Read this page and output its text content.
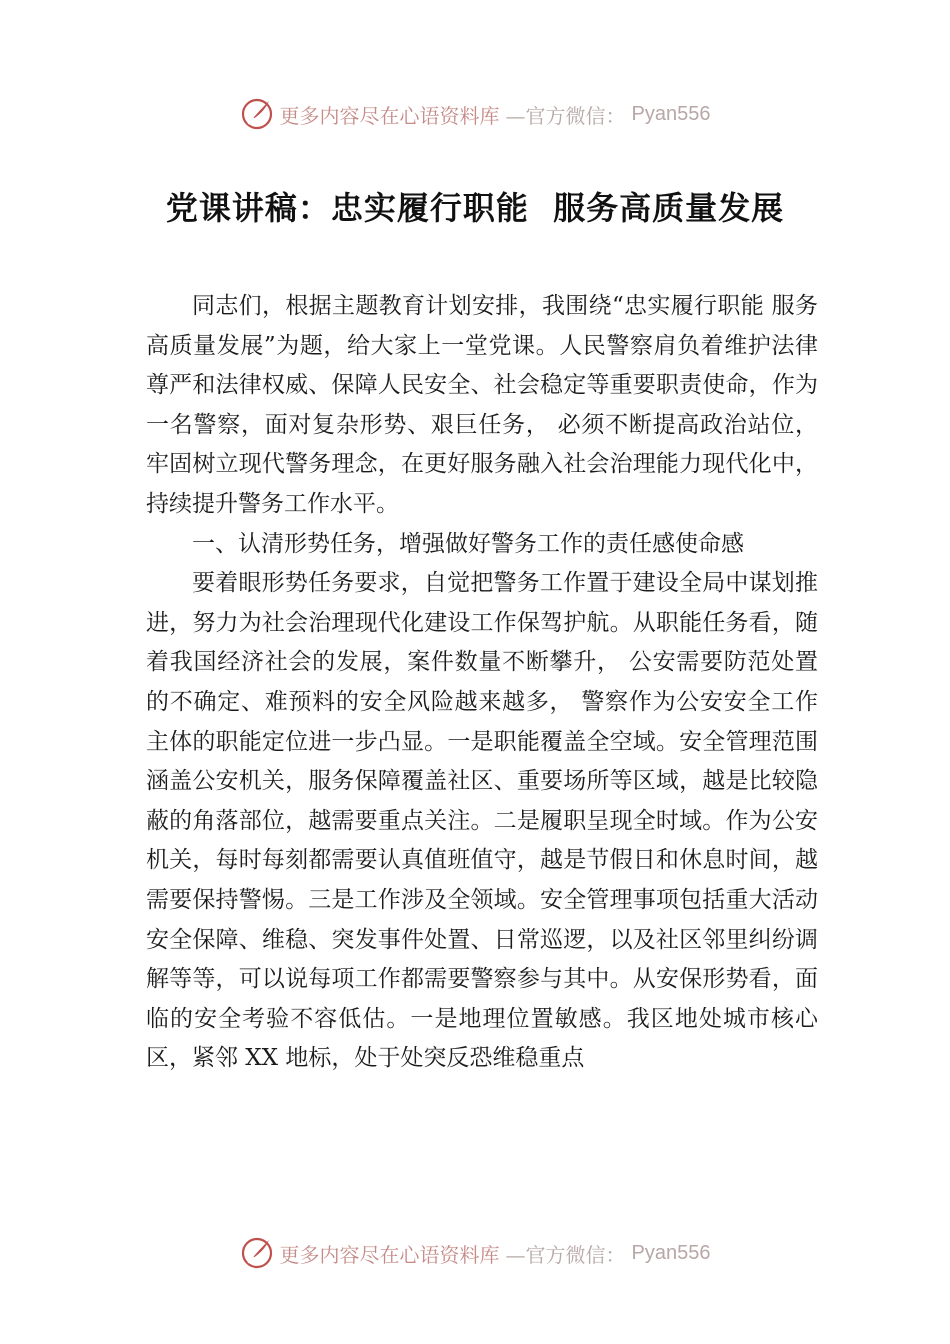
更多内容尽在心语资料库 —官方微信： Pyan556
党课讲稿：忠实履行职能  服务高质量发展

同志们，根据主题教育计划安排，我围绕“忠实履行职能 服务高质量发展”为题，给大家上一堂党课。人民警察肩负着维护法律尊严和法律权威、保障人民安全、社会稳定等重要职责使命，作为一名警察，面对复杂形势、艰巨任务， 必须不断提高政治站位，牢固树立现代警务理念，在更好服务融入社会治理能力现代化中，持续提升警务工作水平。

一、认清形势任务，增强做好警务工作的责任感使命感

要着眼形势任务要求，自觉把警务工作置于建设全局中谋划推进，努力为社会治理现代化建设工作保驾护航。从职能任务看，随着我国经济社会的发展，案件数量不断攀升， 公安需要防范处置的不确定、难预料的安全风险越来越多， 警察作为公安安全工作主体的职能定位进一步凸显。一是职能覆盖全空域。安全管理范围涵盖公安机关，服务保障覆盖社区、重要场所等区域，越是比较隐蔽的角落部位，越需要重点关注。二是履职呈现全时域。作为公安机关，每时每刻都需要认真值班值守，越是节假日和休息时间，越需要保持警惕。三是工作涉及全领域。安全管理事项包括重大活动安全保障、维稳、突发事件处置、日常巡逻，以及社区邻里纠纷调解等等，可以说每项工作都需要警察参与其中。从安保形势看，面临的安全考验不容低估。一是地理位置敏感。我区地处城市核心区，紧邻 XX 地标，处于处突反恐维稳重点

更多内容尽在心语资料库 —官方微信： Pyan556
